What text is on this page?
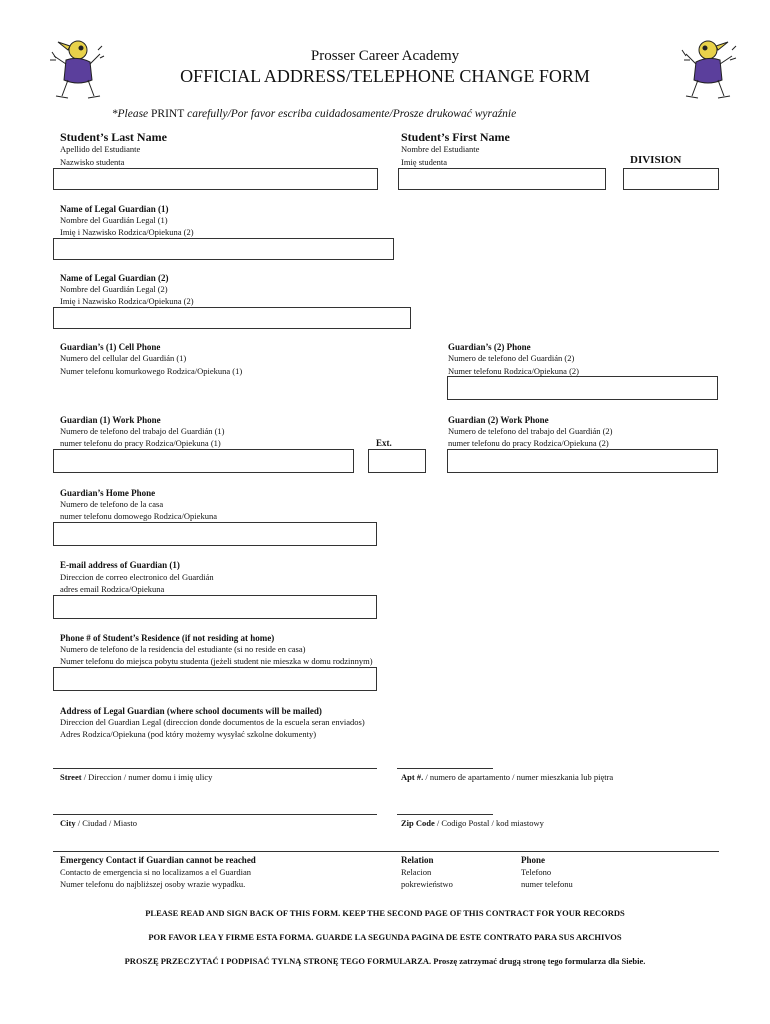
Prosser Career Academy
OFFICIAL ADDRESS/TELEPHONE CHANGE FORM
*Please PRINT carefully/Por favor escriba cuidadosamente/Prosze drukować wyraźnie
Student’s Last Name
Apellido del Estudiante
Nazwisko studenta
Student’s First Name
Nombre del Estudiante
Imię studenta	DIVISION
Name of Legal Guardian (1)
Nombre del Guardián Legal (1)
Imię i Nazwisko Rodzica/Opiekuna (2)
Name of Legal Guardian (2)
Nombre del Guardián Legal (2)
Imię i Nazwisko Rodzica/Opiekuna (2)
Guardian’s (1) Cell Phone
Numero del cellular del Guardián (1)
Numer telefonu komurkowego Rodzica/Opiekuna (1)
Guardian’s (2) Phone
Numero de telefono del Guardián (2)
Numer telefonu Rodzica/Opiekuna (2)
Guardian (1) Work Phone
Numero de telefono del trabajo del Guardián (1)
numer telefonu do pracy Rodzica/Opiekuna (1)	Ext.
Guardian (2) Work Phone
Numero de telefono del trabajo del Guardián (2)
numer telefonu do pracy Rodzica/Opiekuna (2)
Guardian’s Home Phone
Numero de telefono de la casa
numer telefonu domowego Rodzica/Opiekuna
E-mail address of Guardian (1)
Direccion de correo electronico del Guardián
adres email Rodzica/Opiekuna
Phone # of Student’s Residence (if not residing at home)
Numero de telefono de la residencia del estudiante (si no reside en casa)
Numer telefonu do miejsca pobytu studenta (jeżeli student nie mieszka w domu rodzinnym)
Address of Legal Guardian (where school documents will be mailed)
Direccion del Guardian Legal (direccion donde documentos de la escuela seran enviados)
Adres Rodzica/Opiekuna (pod który możemy wysyłać szkolne dokumenty)
Street / Direccion / numer domu i imię ulicy	Apt #. / numero de apartamento / numer mieszkania lub piętra
City / Ciudad / Miasto	Zip Code / Codigo Postal / kod miastowy
Emergency Contact if Guardian cannot be reached
Contacto de emergencia si no localizamos a el Guardian
Numer telefonu do najbliższej osoby wrazie wypadku.
Relation
Relacion
pokrewieństwo
Phone
Telefono
numer telefonu
PLEASE READ AND SIGN BACK OF THIS FORM. KEEP THE SECOND PAGE OF THIS CONTRACT FOR YOUR RECORDS
POR FAVOR LEA Y FIRME ESTA FORMA. GUARDE LA SEGUNDA PAGINA DE ESTE CONTRATO PARA SUS ARCHIVOS
PROSZĘ PRZECZYTAĆ I PODPISAĆ TYLNĄ STRONĘ TEGO FORMULARZA. Proszę zatrzymać drugą stronę tego formularza dla Siebie.
